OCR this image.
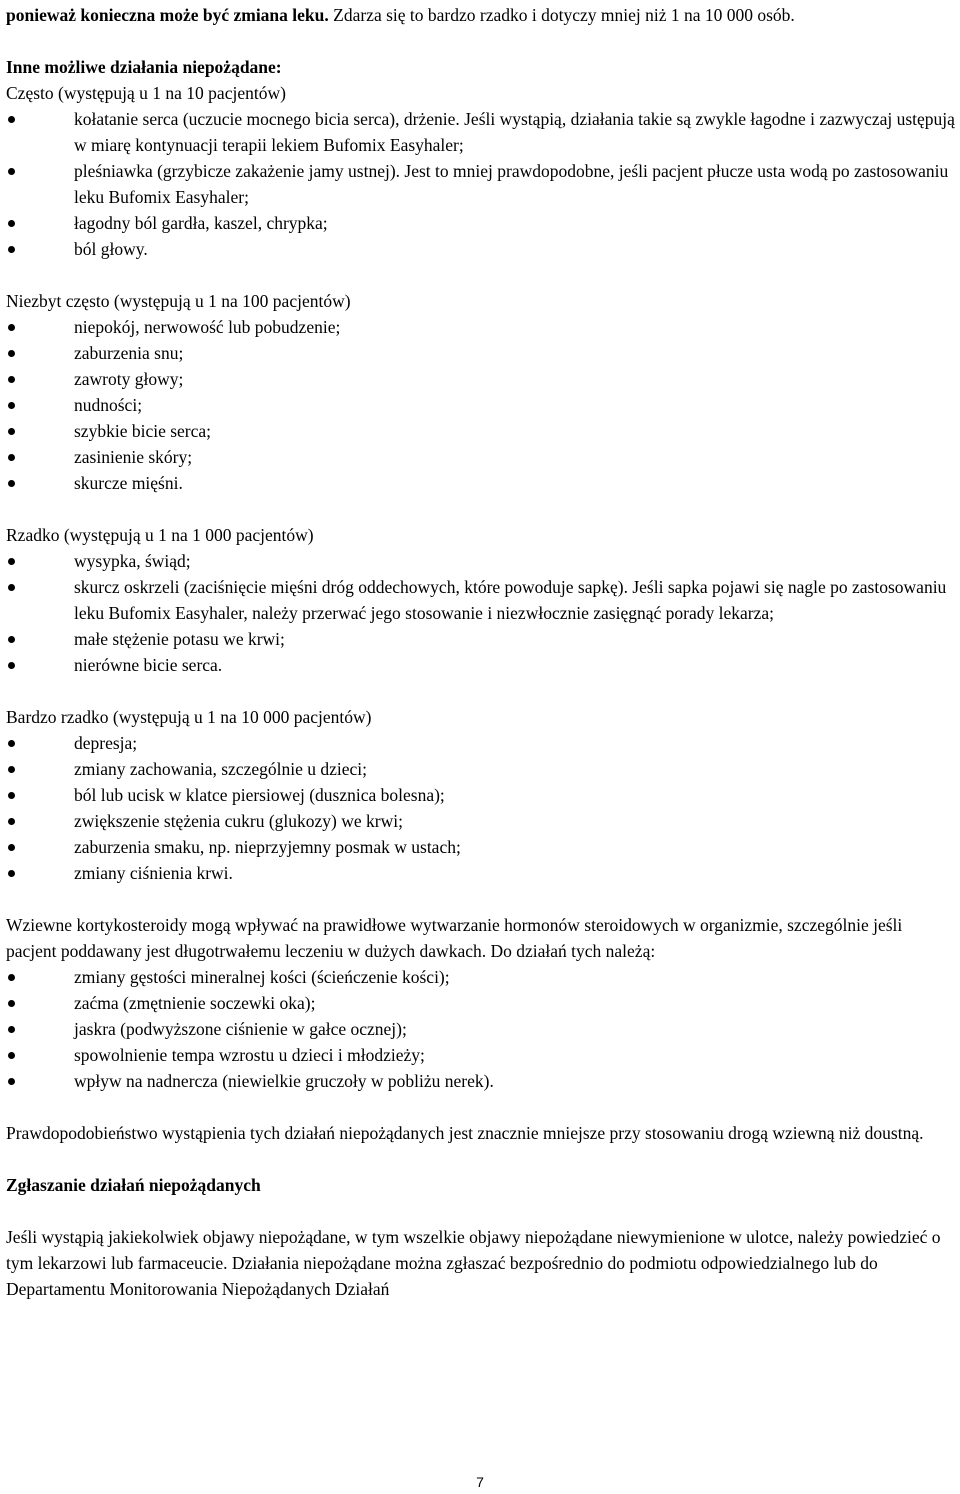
ponieważ konieczna może być zmiana leku. Zdarza się to bardzo rzadko i dotyczy mniej niż 1 na 10 000 osób.

Inne możliwe działania niepożądane:

Często (występują u 1 na 10 pacjentów)

kołatanie serca (uczucie mocnego bicia serca), drżenie. Jeśli wystąpią, działania takie są zwykle łagodne i zazwyczaj ustępują w miarę kontynuacji terapii lekiem Bufomix Easyhaler;
pleśniawka (grzybicze zakażenie jamy ustnej). Jest to mniej prawdopodobne, jeśli pacjent płucze usta wodą po zastosowaniu leku Bufomix Easyhaler;
łagodny ból gardła, kaszel, chrypka;
ból głowy.

Niezbyt często (występują u 1 na 100 pacjentów)

niepokój, nerwowość lub pobudzenie;
zaburzenia snu;
zawroty głowy;
nudności;
szybkie bicie serca;
zasinienie skóry;
skurcze mięśni.

Rzadko (występują u 1 na 1 000 pacjentów)

wysypka, świąd;
skurcz oskrzeli (zaciśnięcie mięśni dróg oddechowych, które powoduje sapkę). Jeśli sapka pojawi się nagle po zastosowaniu leku Bufomix Easyhaler, należy przerwać jego stosowanie i niezwłocznie zasięgnąć porady lekarza;
małe stężenie potasu we krwi;
nierówne bicie serca.

Bardzo rzadko (występują u 1 na 10 000 pacjentów)

depresja;
zmiany zachowania, szczególnie u dzieci;
ból lub ucisk w klatce piersiowej (dusznica bolesna);
zwiększenie stężenia cukru (glukozy) we krwi;
zaburzenia smaku, np. nieprzyjemny posmak w ustach;
zmiany ciśnienia krwi.

Wziewne kortykosteroidy mogą wpływać na prawidłowe wytwarzanie hormonów steroidowych w organizmie, szczególnie jeśli pacjent poddawany jest długotrwałemu leczeniu w dużych dawkach. Do działań tych należą:

zmiany gęstości mineralnej kości (ścieńczenie kości);
zaćma (zmętnienie soczewki oka);
jaskra (podwyższone ciśnienie w gałce ocznej);
spowolnienie tempa wzrostu u dzieci i młodzieży;
wpływ na nadnercza (niewielkie gruczoły w pobliżu nerek).

Prawdopodobieństwo wystąpienia tych działań niepożądanych jest znacznie mniejsze przy stosowaniu drogą wziewną niż doustną.

Zgłaszanie działań niepożądanych

Jeśli wystąpią jakiekolwiek objawy niepożądane, w tym wszelkie objawy niepożądane niewymienione w ulotce, należy powiedzieć o tym lekarzowi lub farmaceucie. Działania niepożądane można zgłaszać bezpośrednio do podmiotu odpowiedzialnego lub do Departamentu Monitorowania Niepożądanych Działań

7
